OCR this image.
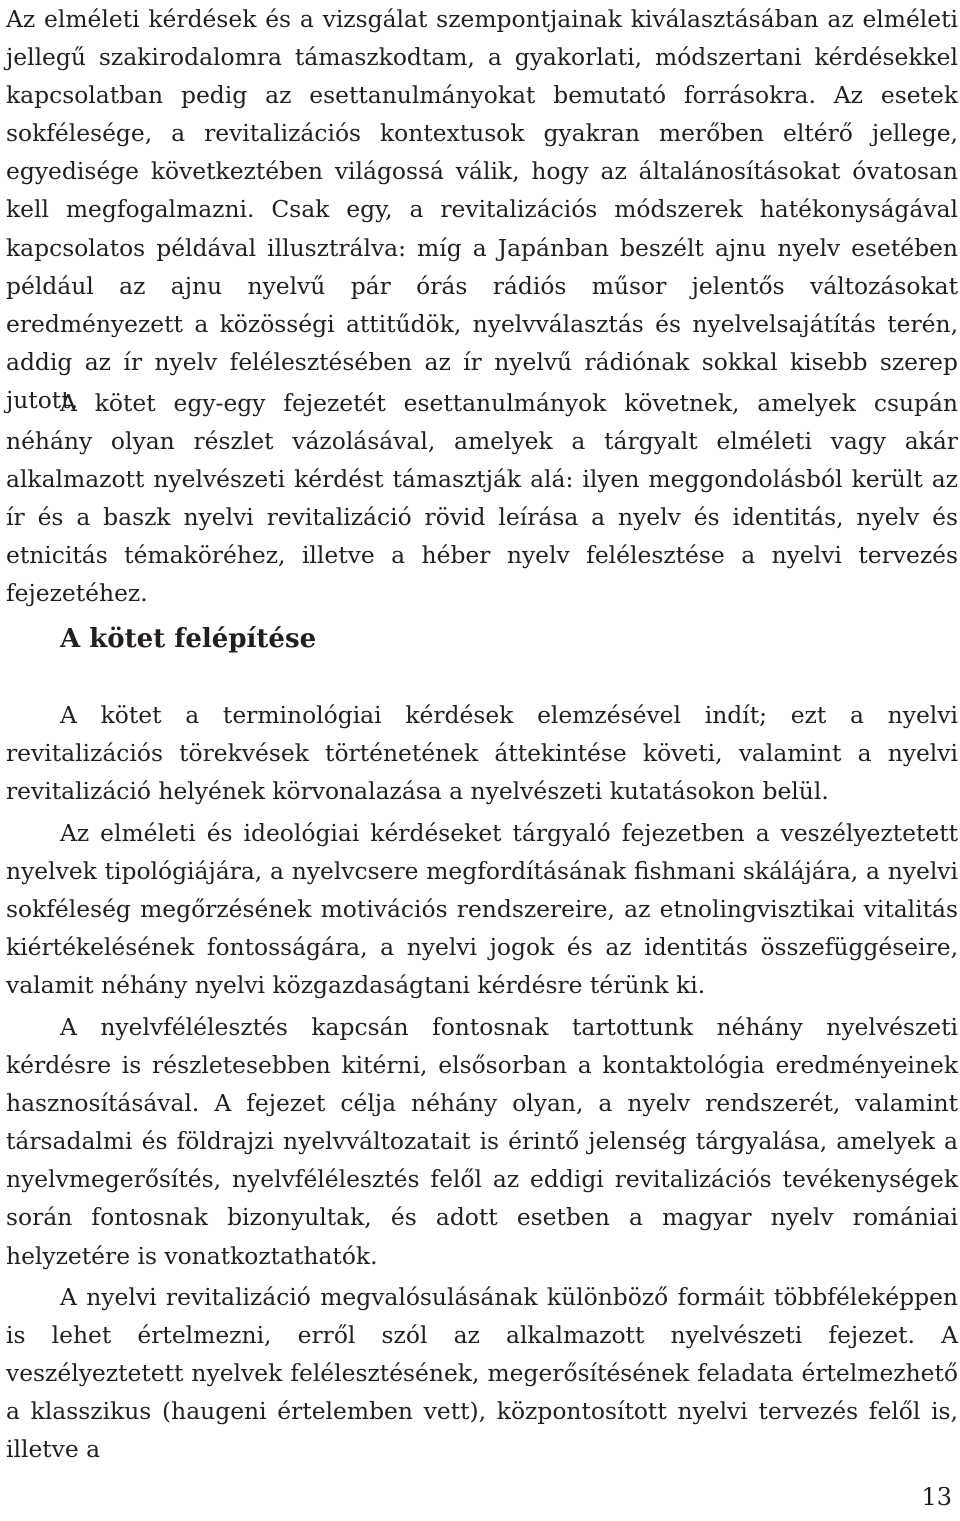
Az elméleti kérdések és a vizsgálat szempontjainak kiválasztásában az elméleti jellegű szakirodalomra támaszkodtam, a gyakorlati, módszertani kérdésekkel kapcsolatban pedig az esettanulmányokat bemutató forrásokra. Az esetek sokfélesége, a revitalizációs kontextusok gyakran merőben eltérő jellege, egyedisége következtében világossá válik, hogy az általánosításokat óvatosan kell megfogalmazni. Csak egy, a revitalizációs módszerek hatékonyságával kapcsolatos példával illusztrálva: míg a Japánban beszélt ajnu nyelv esetében például az ajnu nyelvű pár órás rádiós műsor jelentős változásokat eredményezett a közösségi attitűdök, nyelvválasztás és nyelvelsajátítás terén, addig az ír nyelv felélesztésében az ír nyelvű rádiónak sokkal kisebb szerep jutott.

A kötet egy-egy fejezetét esettanulmányok követnek, amelyek csupán néhány olyan részlet vázolásával, amelyek a tárgyalt elméleti vagy akár alkalmazott nyelvészeti kérdést támasztják alá: ilyen meggondolásból került az ír és a baszk nyelvi revitalizáció rövid leírása a nyelv és identitás, nyelv és etnicitás témaköréhez, illetve a héber nyelv felélesztése a nyelvi tervezés fejezetéhez.

A kötet felépítése

A kötet a terminológiai kérdések elemzésével indít; ezt a nyelvi revitalizációs törekvések történetének áttekintése követi, valamint a nyelvi revitalizáció helyének körvonalazása a nyelvészeti kutatásokon belül.

Az elméleti és ideológiai kérdéseket tárgyaló fejezetben a veszélyeztetett nyelvek tipológiájára, a nyelvcsere megfordításának fishmani skálájára, a nyelvi sokféleség megőrzésének motivációs rendszereire, az etnolingvisztikai vitalitás kiértékelésének fontosságára, a nyelvi jogok és az identitás összefüggéseire, valamit néhány nyelvi közgazdaságtani kérdésre térünk ki.

A nyelvfélélesztés kapcsán fontosnak tartottunk néhány nyelvészeti kérdésre is részletesebben kitérni, elsősorban a kontaktológia eredményeinek hasznosításával. A fejezet célja néhány olyan, a nyelv rendszerét, valamint társadalmi és földrajzi nyelvváltozatait is érintő jelenség tárgyalása, amelyek a nyelvmegerősítés, nyelvfélélesztés felől az eddigi revitalizációs tevékenységek során fontosnak bizonyultak, és adott esetben a magyar nyelv romániai helyzetére is vonatkoztathatók.

A nyelvi revitalizáció megvalósulásának különböző formáit többféleképpen is lehet értelmezni, erről szól az alkalmazott nyelvészeti fejezet. A veszélyeztetett nyelvek felélesztésének, megerősítésének feladata értelmezhető a klasszikus (haugeni értelemben vett), központosított nyelvi tervezés felől is, illetve a

13
